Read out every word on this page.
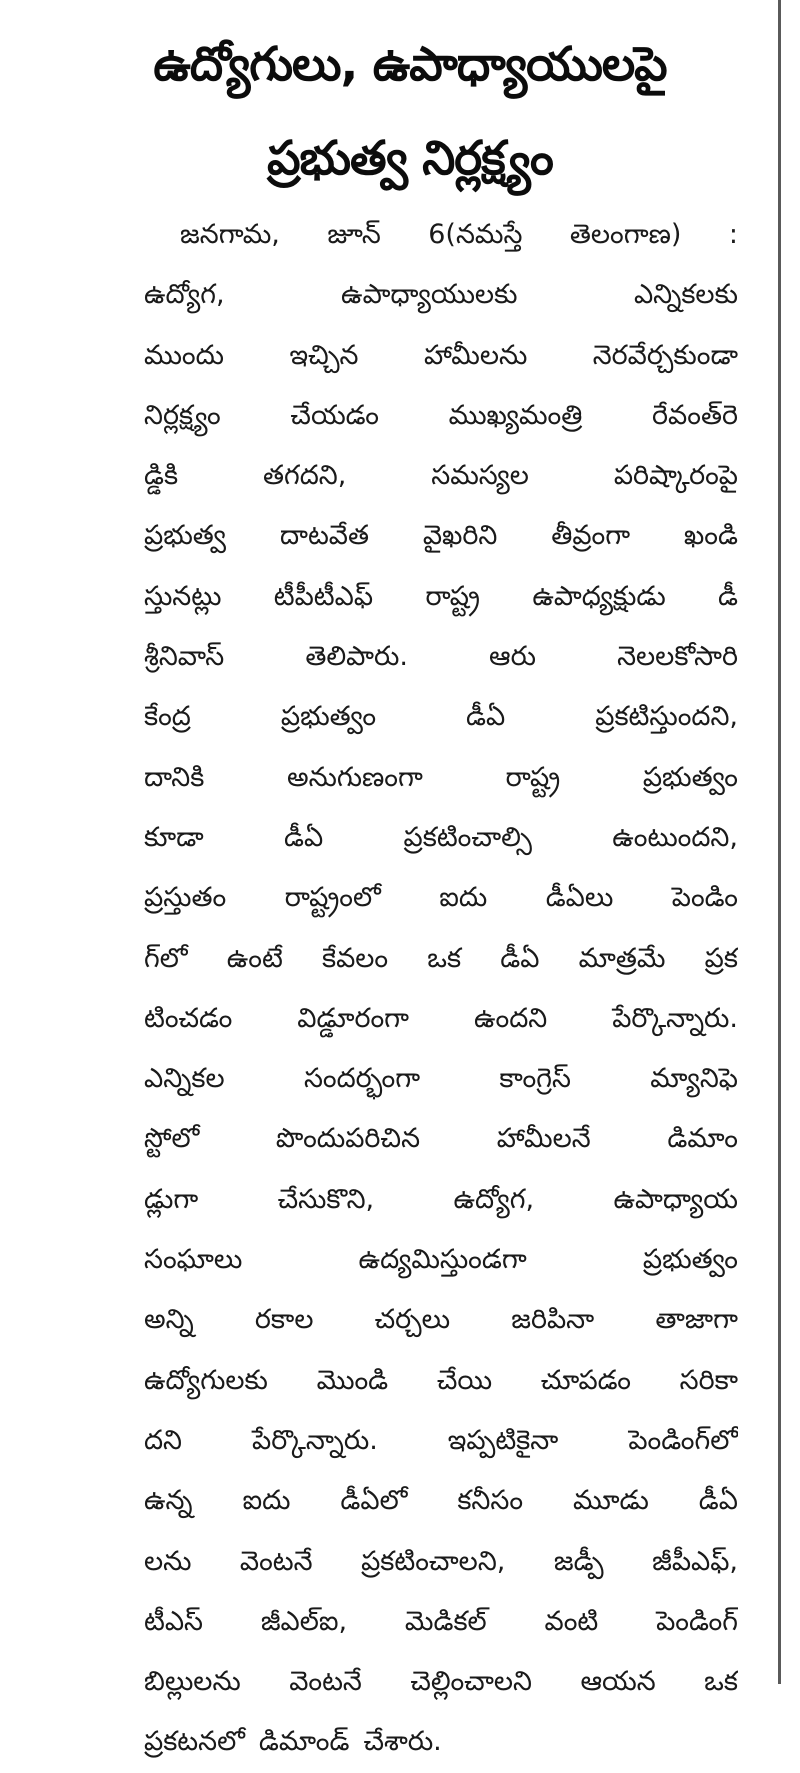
ఉద్యోగులు, ఉపాధ్యాయులపై
ప్రభుత్వ నిర్లక్ష్యం
జనగామ, జూన్ 6(నమస్తే తెలంగాణ) :
ఉద్యోగ,	ఉపాధ్యాయులకు	ఎన్నికలకు
ముందు ఇచ్చిన హామీలను నెరవేర్చకుండా
నిర్లక్ష్యం	చేయడం	ముఖ్యమంత్రి	రేవంత్‌రె
డ్డికి	తగదని,	సమస్యల	పరిష్కారంపై
ప్రభుత్వ దాటవేత వైఖరిని తీవ్రంగా ఖండి
స్తునట్లు టీపీటీఎఫ్ రాష్ట్ర ఉపాధ్యక్షుడు డీ
శ్రీనివాస్	తెలిపారు.	ఆరు	నెలలకోసారి
కేంద్ర	ప్రభుత్వం	డీఏ	ప్రకటిస్తుందని,
దానికి	అనుగుణంగా	రాష్ట్ర	ప్రభుత్వం
కూడా	డీఏ	ప్రకటించాల్సి	ఉంటుందని,
ప్రస్తుతం రాష్ట్రంలో ఐదు డీఏలు పెండిం
గ్‌లో ఉంటే కేవలం ఒక డీఏ మాత్రమే ప్రక
టించడం విడ్డూరంగా ఉందని పేర్కొన్నారు.
ఎన్నికల	సందర్భంగా	కాంగ్రెస్	మ్యానిఫె
స్టోలో	పొందుపరిచిన	హామీలనే	డిమాం
డ్లుగా	చేసుకొని,	ఉద్యోగ,	ఉపాధ్యాయ
సంఘాలు	ఉద్యమిస్తుండగా	ప్రభుత్వం
అన్ని రకాల చర్చలు జరిపినా తాజాగా
ఉద్యోగులకు మొండి చేయి చూపడం సరికా
దని	పేర్కొన్నారు.	ఇప్పటికైనా	పెండింగ్‌లో
ఉన్న ఐదు డీఏలో కనీసం మూడు డీఏ
లను వెంటనే ప్రకటించాలని, జడ్పీ జీపీఎఫ్,
టీఎస్ జీఎల్ఐ, మెడికల్ వంటి పెండింగ్
బిల్లులను వెంటనే చెల్లించాలని ఆయన ఒక
ప్రకటనలో డిమాండ్ చేశారు.
